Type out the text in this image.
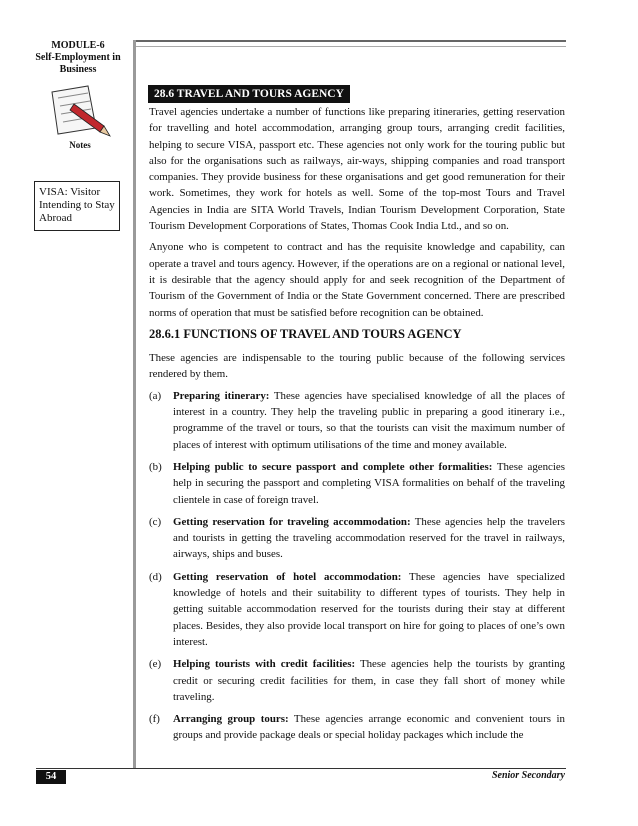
MODULE-6
Self-Employment in
Business
Notes
VISA: Visitor Intending to Stay Abroad
28.6 TRAVEL AND TOURS AGENCY

Travel agencies undertake a number of functions like preparing itineraries, getting reservation for travelling and hotel accommodation, arranging group tours, arranging credit facilities, helping to secure VISA, passport etc. These agencies not only work for the touring public but also for the organisations such as railways, air-ways, shipping companies and road transport companies. They provide business for these organisations and get good remuneration for their work. Sometimes, they work for hotels as well. Some of the top-most Tours and Travel Agencies in India are SITA World Travels, Indian Tourism Development Corporation, State Tourism Development Corporations of States, Thomas Cook India Ltd., and so on.

Anyone who is competent to contract and has the requisite knowledge and capability, can operate a travel and tours agency. However, if the operations are on a regional or national level, it is desirable that the agency should apply for and seek recognition of the Department of Tourism of the Government of India or the State Government concerned. There are prescribed norms of operation that must be satisfied before recognition can be obtained.

28.6.1 FUNCTIONS OF TRAVEL AND TOURS AGENCY

These agencies are indispensable to the touring public because of the following services rendered by them.

(a)	Preparing itinerary: These agencies have specialised knowledge of all the places of interest in a country. They help the traveling public in preparing a good itinerary i.e., programme of the travel or tours, so that the tourists can visit the maximum number of places of interest with optimum utilisations of the time and money available.
(b)	Helping public to secure passport and complete other formalities: These agencies help in securing the passport and completing VISA formalities on behalf of the traveling clientele in case of foreign travel.
(c)	Getting reservation for traveling accommodation: These agencies help the travelers and tourists in getting the traveling accommodation reserved for the travel in railways, airways, ships and buses.
(d)	Getting reservation of hotel accommodation: These agencies have specialized knowledge of hotels and their suitability to different types of tourists. They help in getting suitable accommodation reserved for the tourists during their stay at different places. Besides, they also provide local transport on hire for going to places of one’s own interest.
(e)	Helping tourists with credit facilities: These agencies help the tourists by granting credit or securing credit facilities for them, in case they fall short of money while traveling.
(f)	Arranging group tours: These agencies arrange economic and convenient tours in groups and provide package deals or special holiday packages which include the
54	Senior Secondary
